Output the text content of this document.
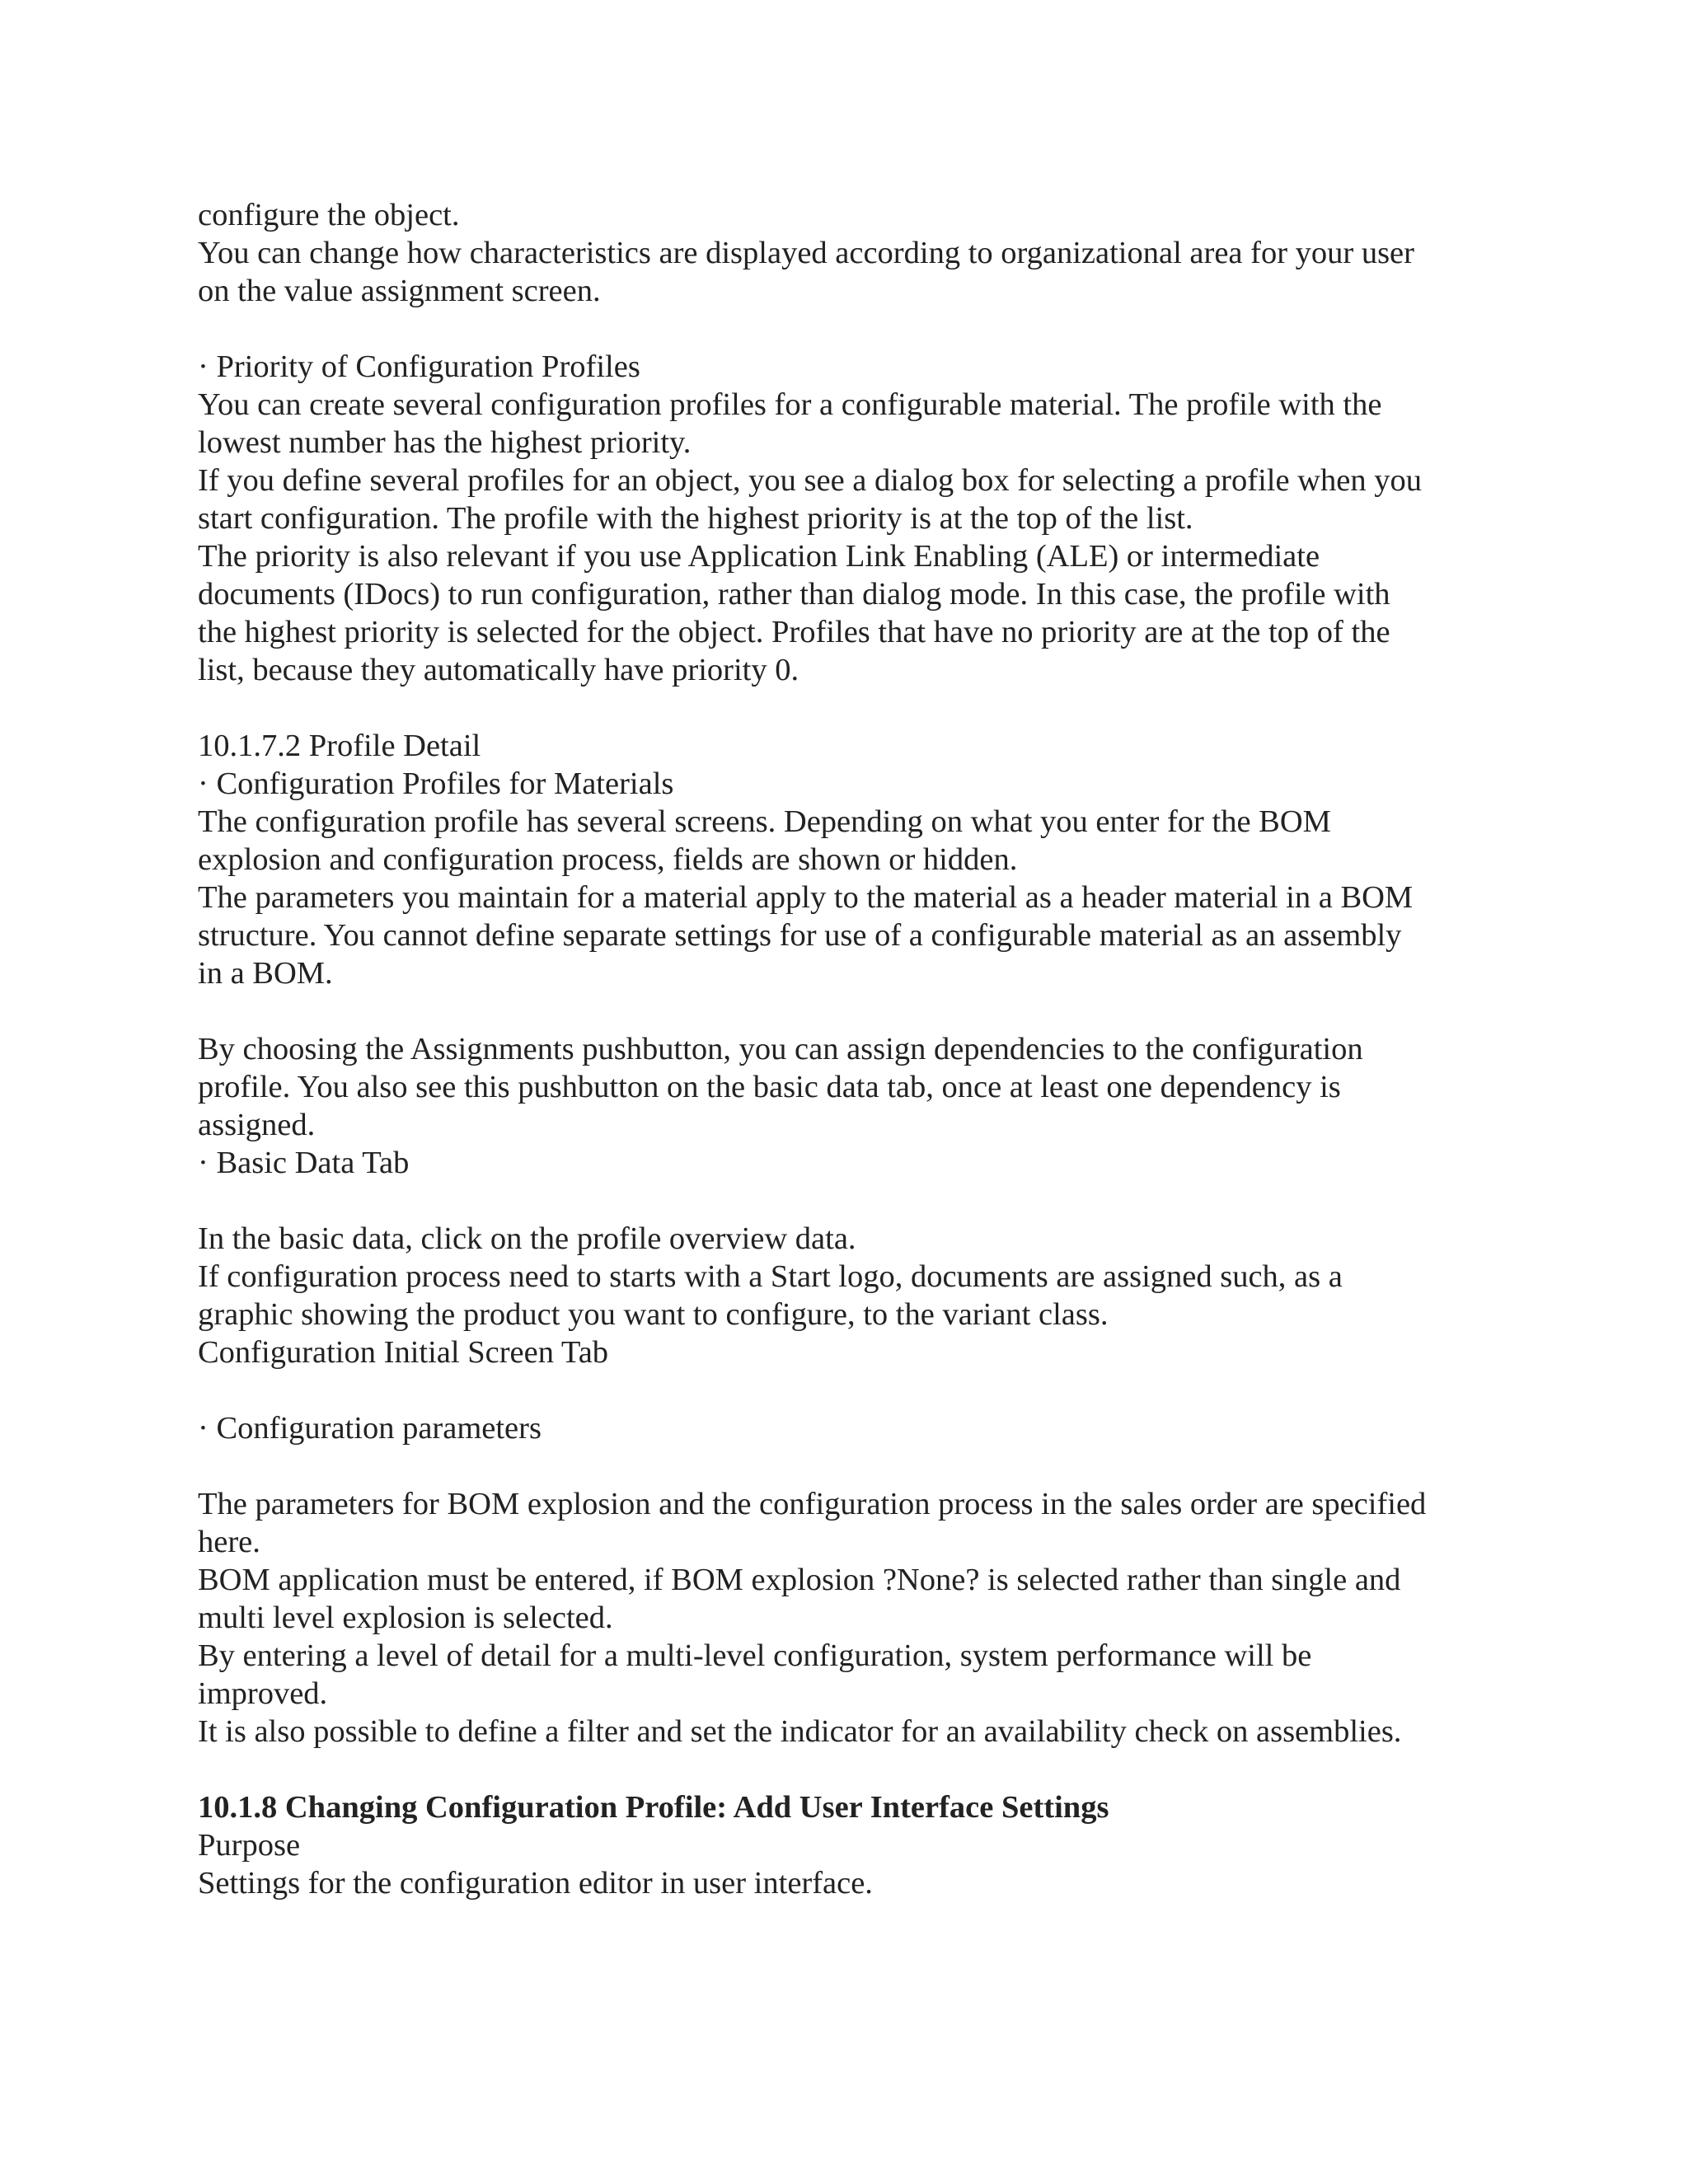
configure the object.
You can change how characteristics are displayed according to organizational area for your user
on the value assignment screen.
· Priority of Configuration Profiles
You can create several configuration profiles for a configurable material. The profile with the
lowest number has the highest priority.
If you define several profiles for an object, you see a dialog box for selecting a profile when you
start configuration. The profile with the highest priority is at the top of the list.
The priority is also relevant if you use Application Link Enabling (ALE) or intermediate
documents (IDocs) to run configuration, rather than dialog mode. In this case, the profile with
the highest priority is selected for the object. Profiles that have no priority are at the top of the
list, because they automatically have priority 0.
10.1.7.2 Profile Detail
· Configuration Profiles for Materials
The configuration profile has several screens. Depending on what you enter for the BOM
explosion and configuration process, fields are shown or hidden.
The parameters you maintain for a material apply to the material as a header material in a BOM
structure. You cannot define separate settings for use of a configurable material as an assembly
in a BOM.
By choosing the Assignments pushbutton, you can assign dependencies to the configuration
profile. You also see this pushbutton on the basic data tab, once at least one dependency is
assigned.
· Basic Data Tab
In the basic data, click on the profile overview data.
If configuration process need to starts with a Start logo, documents are assigned such, as a
graphic showing the product you want to configure, to the variant class.
Configuration Initial Screen Tab
· Configuration parameters
The parameters for BOM explosion and the configuration process in the sales order are specified
here.
BOM application must be entered, if BOM explosion ?None? is selected rather than single and
multi level explosion is selected.
By entering a level of detail for a multi-level configuration, system performance will be
improved.
It is also possible to define a filter and set the indicator for an availability check on assemblies.
10.1.8 Changing Configuration Profile: Add User Interface Settings
Purpose
Settings for the configuration editor in user interface.
